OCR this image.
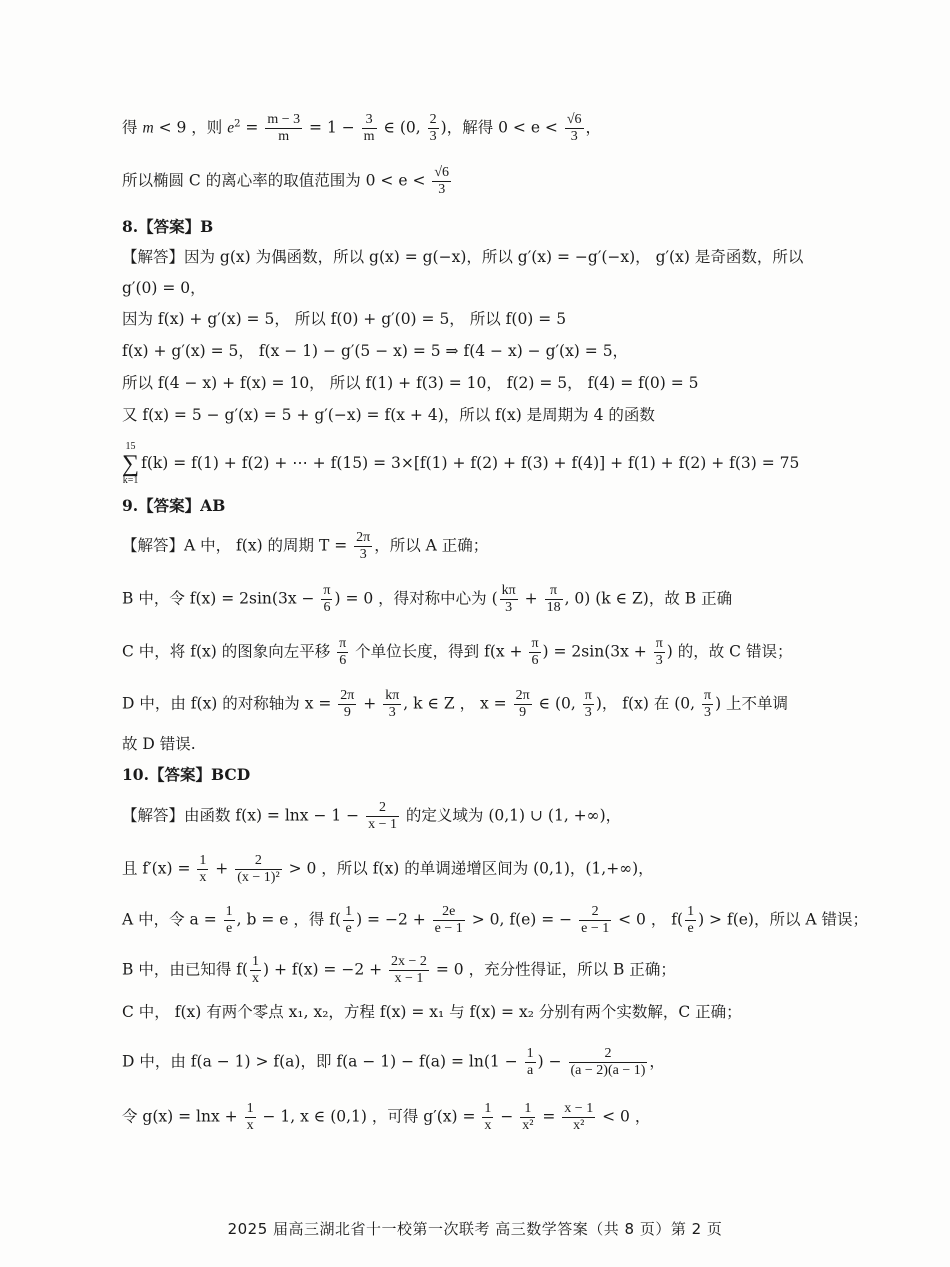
得 m < 9 ，则 $e^2 = \frac{m - 3}{m} = 1 - \frac{3}{m}$ ∈ (0, $\frac{2}{3}$ )，解得 $0 < e < \frac{√6}{3}$ ，
所以椭圆 C 的离心率的取值范围为 $0 < e < \frac{√6}{3}$
8.【答案】B
【解答】因为 g(x) 为偶函数，所以 g(x) = g(−x)，所以 g′(x) = −g′(−x)， g′(x) 是奇函数，所以
g′(0) = 0，
因为 f(x) + g′(x) = 5， 所以 f(0) + g′(0) = 5， 所以 f(0) = 5
f(x) + g′(x) = 5， f(x − 1) − g′(5 − x) = 5 ⇒ f(4 − x) − g′(x) = 5，
所以 f(4 − x) + f(x) = 10， 所以 f(1) + f(3) = 10， f(2) = 5， f(4) = f(0) = 5
又 f(x) = 5 − g′(x) = 5 + g′(−x) = f(x + 4)，所以 f(x) 是周期为 4 的函数
15
∑
k=1f(k) = f(1) + f(2) + ⋯ + f(15) = 3×[f(1) + f(2) + f(3) + f(4)] + f(1) + f(2) + f(3) = 75
9.【答案】AB
【解答】A 中， f(x) 的周期 $T = \frac{2\pi}{3}$ ，所以 A 正确；
B 中，令 $f(x) = 2\sin(3x - \frac{\pi}{6}$ ) = 0 ，得对称中心为 ( $\frac{k\pi}{3} + \frac{\pi}{18}$ , 0) (k ∈ Z)，故 B 正确
C 中，将 f(x) 的图象向左平移 $\frac{\pi}{6}$ 个单位长度，得到 $f(x + \frac{\pi}{6}$ ) = $2\sin(3x + \frac{\pi}{3}$ ) 的，故 C 错误；
D 中，由 f(x) 的对称轴为 $x = \frac{2\pi}{9} + \frac{k\pi}{3}$ , k ∈ Z ， $x = \frac{2\pi}{9}$ ∈ (0, $\frac{\pi}{3}$ )， f(x) 在 (0, $\frac{\pi}{3}$ ) 上不单调
故 D 错误.
10.【答案】BCD
【解答】由函数 $f(x) = \ln x - 1 - \frac{2}{x - 1}$ 的定义域为 (0,1) ∪ (1, +∞)，
且 $f'(x) = \frac{1}{x} + \frac{2}{\text{(x − 1)²}} > 0$ ，所以 f(x) 的单调递增区间为 (0,1)，(1,+∞)，
A 中，令 $a = \frac{1}{e}$ , b = e ，得 $f( \frac{1}{e}$ ) = $-2 + \frac{2e}{e - 1} > 0$, f(e) = − $\frac{2}{e - 1} < 0$ ， $f( \frac{1}{e}$ ) > f(e)，所以 A 错误；
B 中，由已知得 $f( \frac{1}{x}$ ) + $f(x) = -2 + \frac{2x - 2}{x - 1} = 0$ ，充分性得证，所以 B 正确；
C 中， f(x) 有两个零点 x₁, x₂，方程 f(x) = x₁ 与 f(x) = x₂ 分别有两个实数解，C 正确；
D 中，由 f(a − 1) > f(a)，即 $f(a - 1) - f(a) = \ln(1 - \frac{1}{a}$ ) − $\frac{2}{(a - 2)(a - 1)}$ ，
令 $g(x) = \ln x + \frac{1}{x} - 1$, x ∈ (0,1) ，可得 $g'(x) = \frac{1}{x} - \frac{1}{\text{x²}} = \frac{x - 1}{\text{x²}} < 0$ ，
2025 届高三湖北省十一校第一次联考 高三数学答案（共 8 页）第 2 页
